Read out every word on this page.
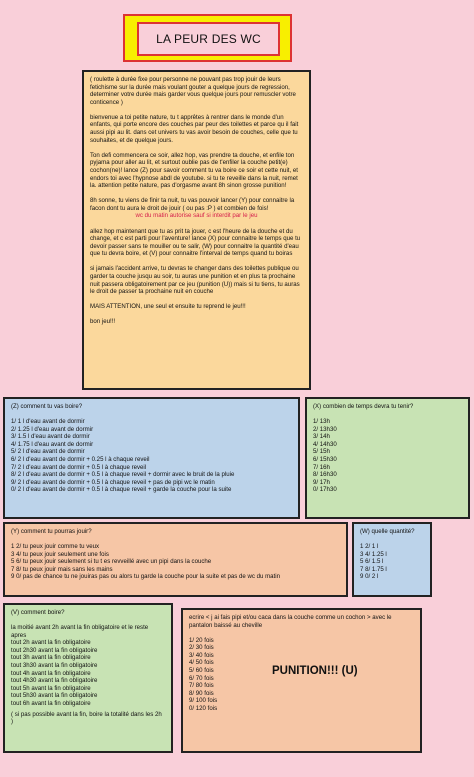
LA PEUR DES WC
( roulette à durée fixe pour personne ne pouvant pas trop jouir de leurs fetichisme sur la durée mais voulant gouter a quelque jours de regression, determiner votre durée mais garder vous quelque jours pour remuscler votre conticence )
bienvenue a toi petite nature, tu t apprêtes à rentrer dans le monde d'un enfants, qui porte encore des couches par peur des toilettes et parce qu il fait aussi pipi au lit. dans cet univers tu vas avoir besoin de couches, celle que tu souhaites, et de quelque jours.
Ton defi commencera ce soir, allez hop, vas prendre ta douche, et enfile ton pyjama pour aller au lit, et surtout oublie pas de t'enfiler la couche petit(e) cochon(ne)! lance (Z) pour savoir comment tu va boire ce soir et cette nuit, et endors toi avec l'hypnose abdl de youtube. si tu te reveille dans la nuit, remet la. attention petite nature, pas d'orgasme avant 8h sinon grosse punition!
8h sonne, tu viens de finir ta nuit, tu vas pouvoir lancer (Y) pour connaitre la facon dont tu aura le droit de jouir ( ou pas :P ) et combien de fois!
wc du matin autorise sauf si interdit par le jeu
allez hop maintenant que tu as prit ta jouer, c est l'heure de la douche et du change, et c est parti pour l'aventure! lance (X) pour connaitre le temps que tu devoir passer sans te mouiller ou te salir, (W) pour connaitre la quantité d'eau que tu devra boire, et (V) pour connaitre l'interval de temps quand tu boiras
si jamais l'accident arrive, tu devras te changer dans des toilettes publique ou garder ta couche jusqu au soir, tu auras une punition et en plus ta prochaine nuit passera obligatoirement par ce jeu (punition (U)) mais si tu tiens, tu auras le droit de passer ta prochaine nuit en couche
MAIS ATTENTION, une seul et ensuite tu reprend le jeu!!!
bon jeu!!!
(Z) comment tu vas boire?
1/ 1 l d'eau avant de dormir
2/ 1.25 l d'eau avant de dormir
3/ 1.5 l d'eau avant de dormir
4/ 1.75 l d'eau avant de dormir
5/ 2 l d'eau avant de dormir
6/ 2 l d'eau avant de dormir + 0.25 l à chaque reveil
7/ 2 l d'eau avant de dormir + 0.5 l à chaque reveil
8/ 2 l d'eau avant de dormir + 0.5 l à chaque reveil + dormir avec le bruit de la pluie
9/ 2 l d'eau avant de dormir + 0.5 l à chaque reveil + pas de pipi wc le matin
0/ 2 l d'eau avant de dormir + 0.5 l à chaque reveil + garde la couche pour la suite
(X) combien de temps devra tu tenir?
1/ 13h
2/ 13h30
3/ 14h
4/ 14h30
5/ 15h
6/ 15h30
7/ 16h
8/ 16h30
9/ 17h
0/ 17h30
(Y) comment tu pourras jouir?
1 2/ tu peux jouir comme tu veux
3 4/ tu peux jouir seulement une fois
5 6/ tu peux jouir seulement si tu t es revveillé avec un pipi dans la couche
7 8/ tu peux jouir mais sans les mains
9 0/ pas de chance tu ne jouiras pas ou alors tu garde la couche pour la suite et pas de wc du matin
(W) quelle quantité?
1 2/ 1 l
3 4/ 1.25 l
5 6/ 1.5 l
7 8/ 1.75 l
9 0/ 2 l
(V) comment boire?
la moitié avant 2h avant la fin obligatoire et le reste apres
tout 2h avant la fin obligatoire
tout 2h30 avant la fin obligatoire
tout 3h avant la fin obligatoire
tout 3h30 avant la fin obligatoire
tout 4h avant la fin obligatoire
tout 4h30 avant la fin obligatoire
tout 5h avant la fin obligatoire
tout 5h30 avant la fin obligatoire
tout 6h avant la fin obligatoire
( si pas possible avant la fin, boire la totalité dans les 2h )
ecrire < j ai fais pipi et/ou caca dans la couche comme un cochon > avec le pantalon baissé au cheville
1/ 20 fois
2/ 30 fois
3/ 40 fois
4/ 50 fois
5/ 60 fois
6/ 70 fois
7/ 80 fois
8/ 90 fois
9/ 100 fois
0/ 120 fois
PUNITION!!! (U)
